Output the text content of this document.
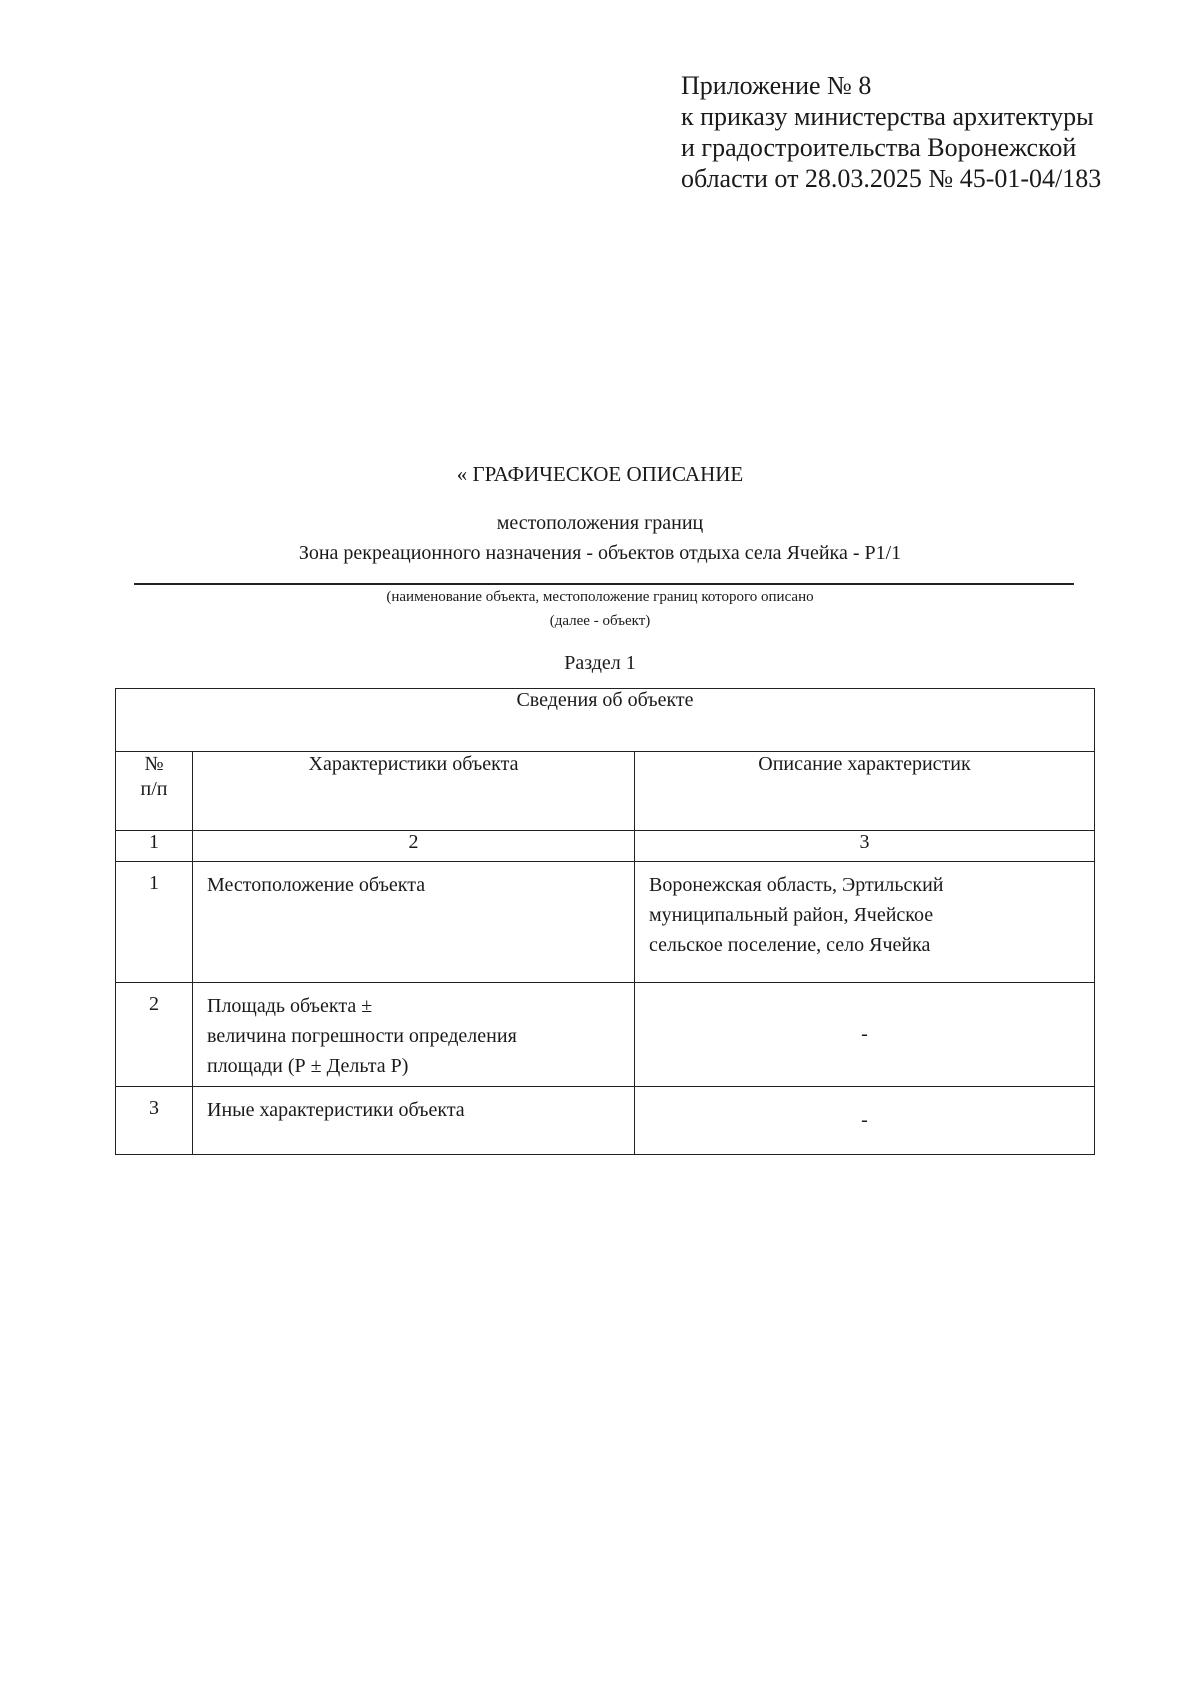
Приложение № 8
к приказу министерства архитектуры
и градостроительства Воронежской
области от 28.03.2025 № 45-01-04/183
« ГРАФИЧЕСКОЕ ОПИСАНИЕ
местоположения границ
Зона рекреационного назначения - объектов отдыха села Ячейка - Р1/1
(наименование объекта, местоположение границ которого описано
(далее - объект)
Раздел 1
Сведения об объекте		

№
п/п	Характеристики объекта	Описание характеристик
1	2	3
1	Местоположение объекта	Воронежская область, Эртильский
муниципальный район, Ячейское
сельское поселение, село Ячейка

2	Площадь объекта ±
величина погрешности определения
площади (Р ± Дельта Р)	-
3	Иные характеристики объекта	-
